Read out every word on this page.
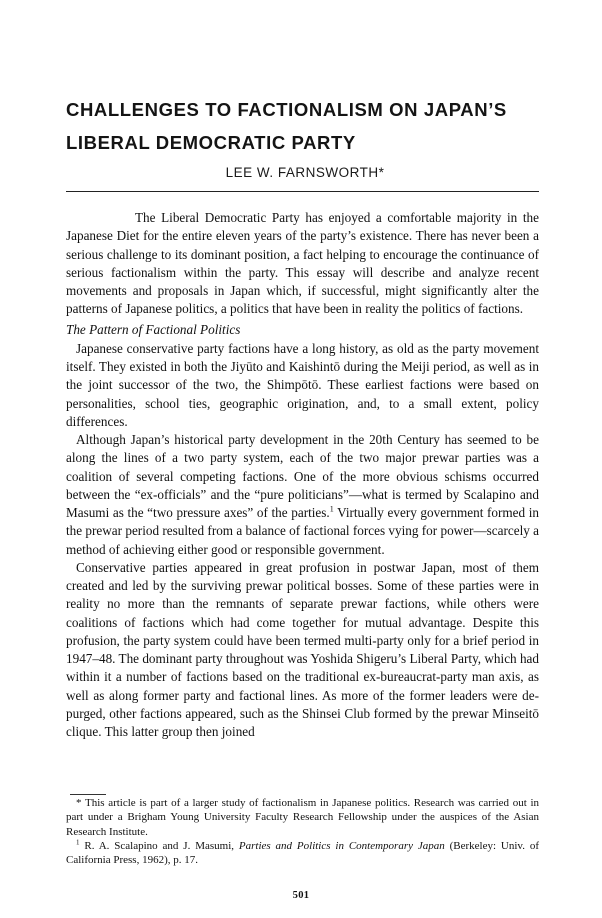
CHALLENGES TO FACTIONALISM ON JAPAN’S
LIBERAL DEMOCRATIC PARTY
LEE W. FARNSWORTH*

The Liberal Democratic Party has enjoyed a comfortable majority in the Japanese Diet for the entire eleven years of the party’s existence. There has never been a serious challenge to its dominant position, a fact helping to encourage the continuance of serious factionalism within the party. This essay will describe and analyze recent movements and proposals in Japan which, if successful, might significantly alter the patterns of Japanese politics, a politics that have been in reality the politics of factions.

The Pattern of Factional Politics

Japanese conservative party factions have a long history, as old as the party movement itself. They existed in both the Jiyūto and Kaishintō during the Meiji period, as well as in the joint successor of the two, the Shimpōtō. These earliest factions were based on personalities, school ties, geographic origination, and, to a small extent, policy differences.

Although Japan’s historical party development in the 20th Century has seemed to be along the lines of a two party system, each of the two major prewar parties was a coalition of several competing factions. One of the more obvious schisms occurred between the “ex-officials” and the “pure politicians”—what is termed by Scalapino and Masumi as the “two pressure axes” of the parties.$^1$ Virtually every government formed in the prewar period resulted from a balance of factional forces vying for power—scarcely a method of achieving either good or responsible government.

Conservative parties appeared in great profusion in postwar Japan, most of them created and led by the surviving prewar political bosses. Some of these parties were in reality no more than the remnants of separate prewar factions, while others were coalitions of factions which had come together for mutual advantage. Despite this profusion, the party system could have been termed multi-party only for a brief period in 1947–48. The dominant party throughout was Yoshida Shigeru’s Liberal Party, which had within it a number of factions based on the traditional ex-bureaucrat-party man axis, as well as along former party and factional lines. As more of the former leaders were de-purged, other factions appeared, such as the Shinsei Club formed by the prewar Minseitō clique. This latter group then joined

* This article is part of a larger study of factionalism in Japanese politics. Research was carried out in part under a Brigham Young University Faculty Research Fellowship under the auspices of the Asian Research Institute.

$^1$ R. A. Scalapino and J. Masumi, Parties and Politics in Contemporary Japan (Berkeley: Univ. of California Press, 1962), p. 17.

501
